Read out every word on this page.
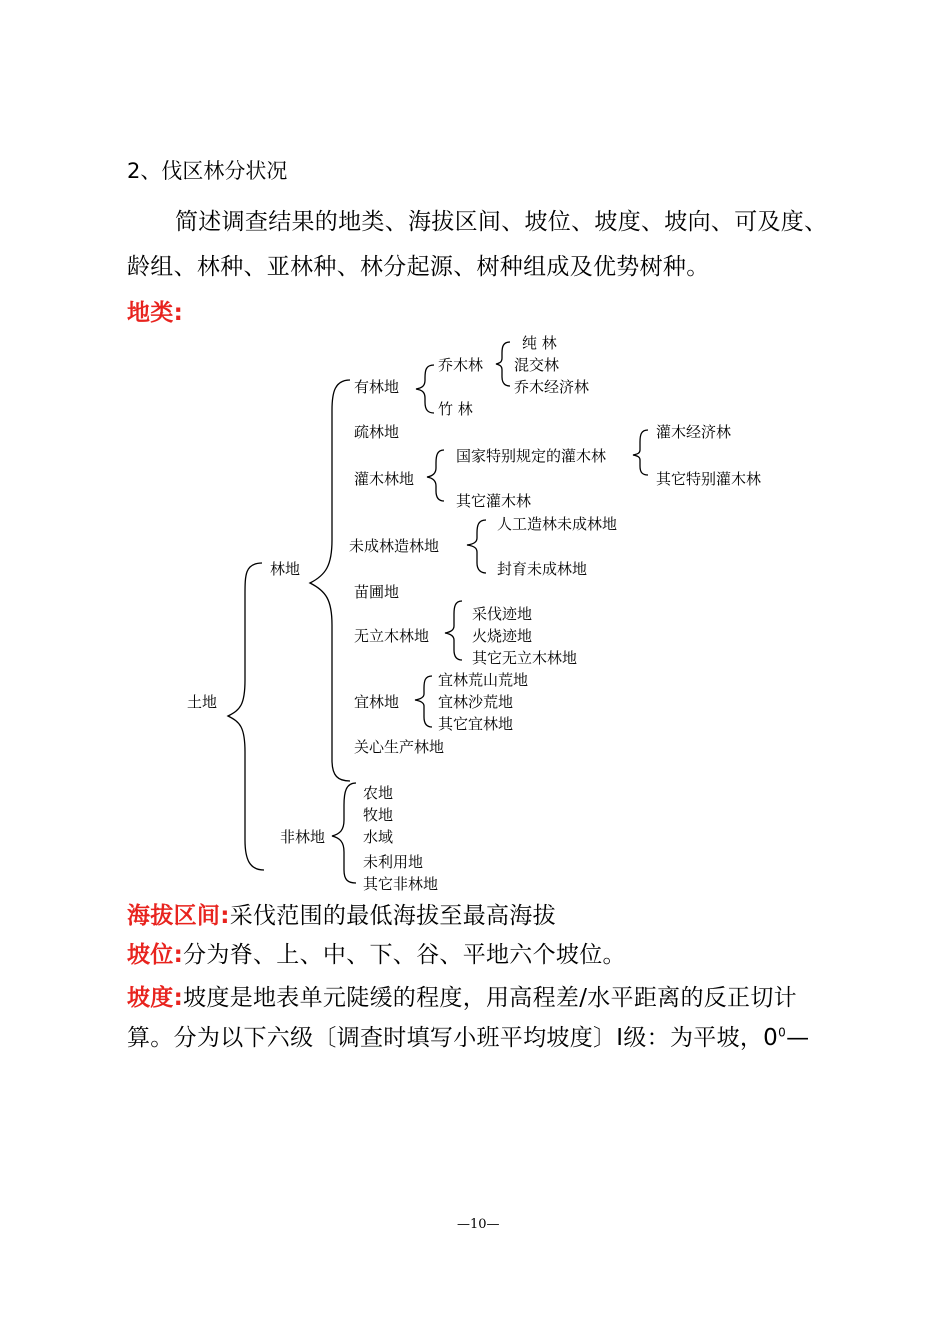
2、伐区林分状况
简述调查结果的地类、海拔区间、坡位、坡度、坡向、可及度、
龄组、林种、亚林种、林分起源、树种组成及优势树种。
地类:
土地
林地
非林地
有林地
乔木林
纯 林
混交林
乔木经济林
竹 林
疏林地
灌木林地
国家特别规定的灌木林
灌木经济林
其它特别灌木林
其它灌木林
未成林造林地
人工造林未成林地
封育未成林地
苗圃地
无立木林地
采伐迹地
火烧迹地
其它无立木林地
宜林地
宜林荒山荒地
宜林沙荒地
其它宜林地
关心生产林地
农地
牧地
水域
未利用地
其它非林地
海拔区间:采伐范围的最低海拔至最高海拔
坡位:分为脊、上、中、下、谷、平地六个坡位。
坡度:坡度是地表单元陡缓的程度，用高程差/水平距离的反正切计
算。分为以下六级〔调查时填写小班平均坡度〕Ⅰ级：为平坡，$0^0—$
—10—
